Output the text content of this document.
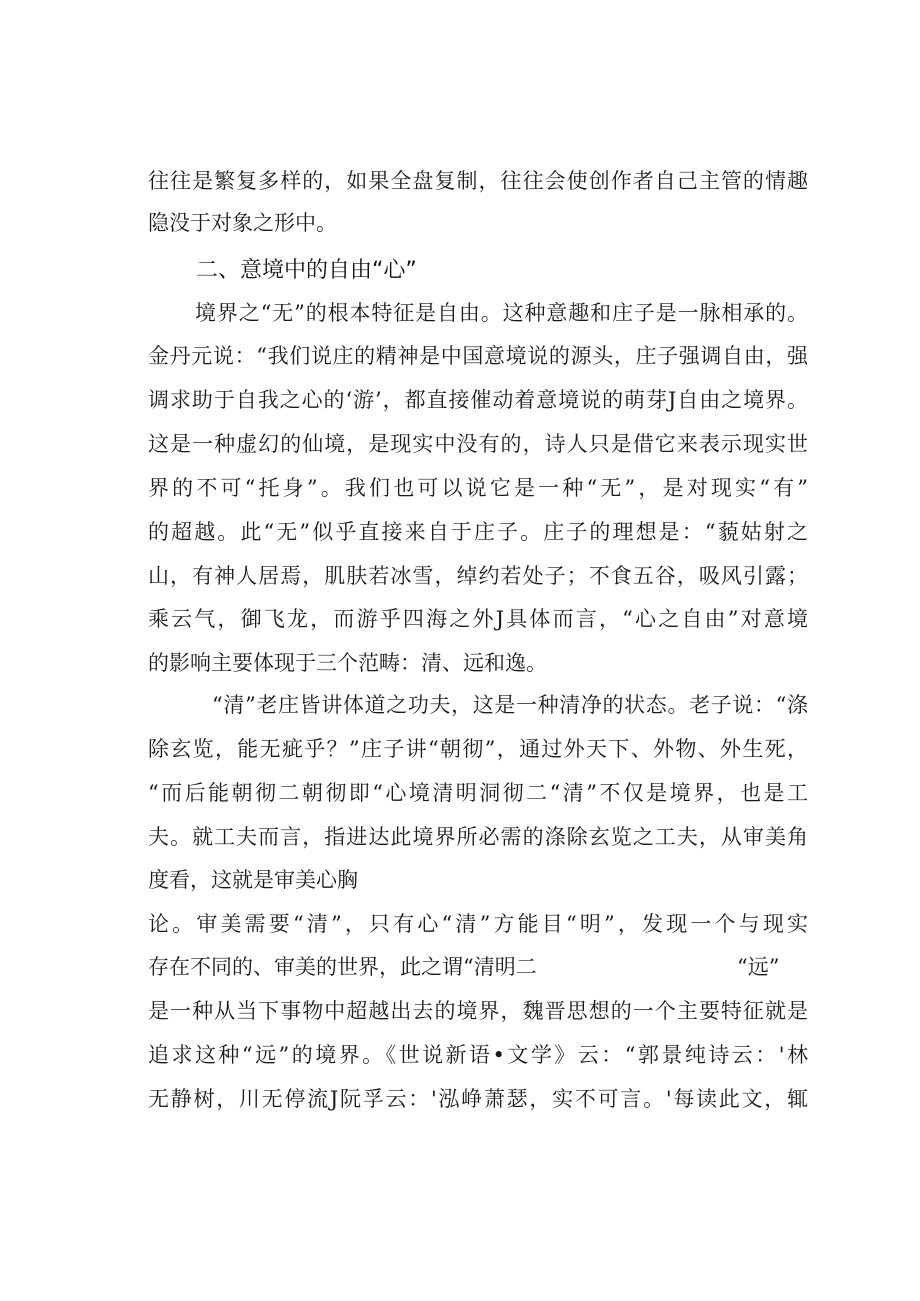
往往是繁复多样的，如果全盘复制，往往会使创作者自己主管的情趣
隐没于对象之形中。
二、意境中的自由“心”
境界之“无”的根本特征是自由。这种意趣和庄子是一脉相承的。
金丹元说：“我们说庄的精神是中国意境说的源头，庄子强调自由，强
调求助于自我之心的‘游’，都直接催动着意境说的萌芽J自由之境界。
这是一种虚幻的仙境，是现实中没有的，诗人只是借它来表示现实世
界的不可“托身”。我们也可以说它是一种“无”，是对现实“有”
的超越。此“无”似乎直接来自于庄子。庄子的理想是：“藐姑射之
山，有神人居焉，肌肤若冰雪，绰约若处子；不食五谷，吸风引露；
乘云气，御飞龙，而游乎四海之外J具体而言，“心之自由”对意境
的影响主要体现于三个范畴：清、远和逸。
“清”老庄皆讲体道之功夫，这是一种清净的状态。老子说：“涤
除玄览，能无疵乎？”庄子讲“朝彻”，通过外天下、外物、外生死，
“而后能朝彻二朝彻即“心境清明洞彻二“清”不仅是境界，也是工
夫。就工夫而言，指进达此境界所必需的涤除玄览之工夫，从审美角
度看，这就是审美心胸
论。审美需要“清”，只有心“清”方能目“明”，发现一个与现实
存在不同的、审美的世界，此之谓“清明二	“远”
是一种从当下事物中超越出去的境界，魏晋思想的一个主要特征就是
追求这种“远”的境界。《世说新语•文学》云：“郭景纯诗云：'林
无静树，川无停流J阮孚云：'泓峥萧瑟，实不可言。'每读此文，辄
